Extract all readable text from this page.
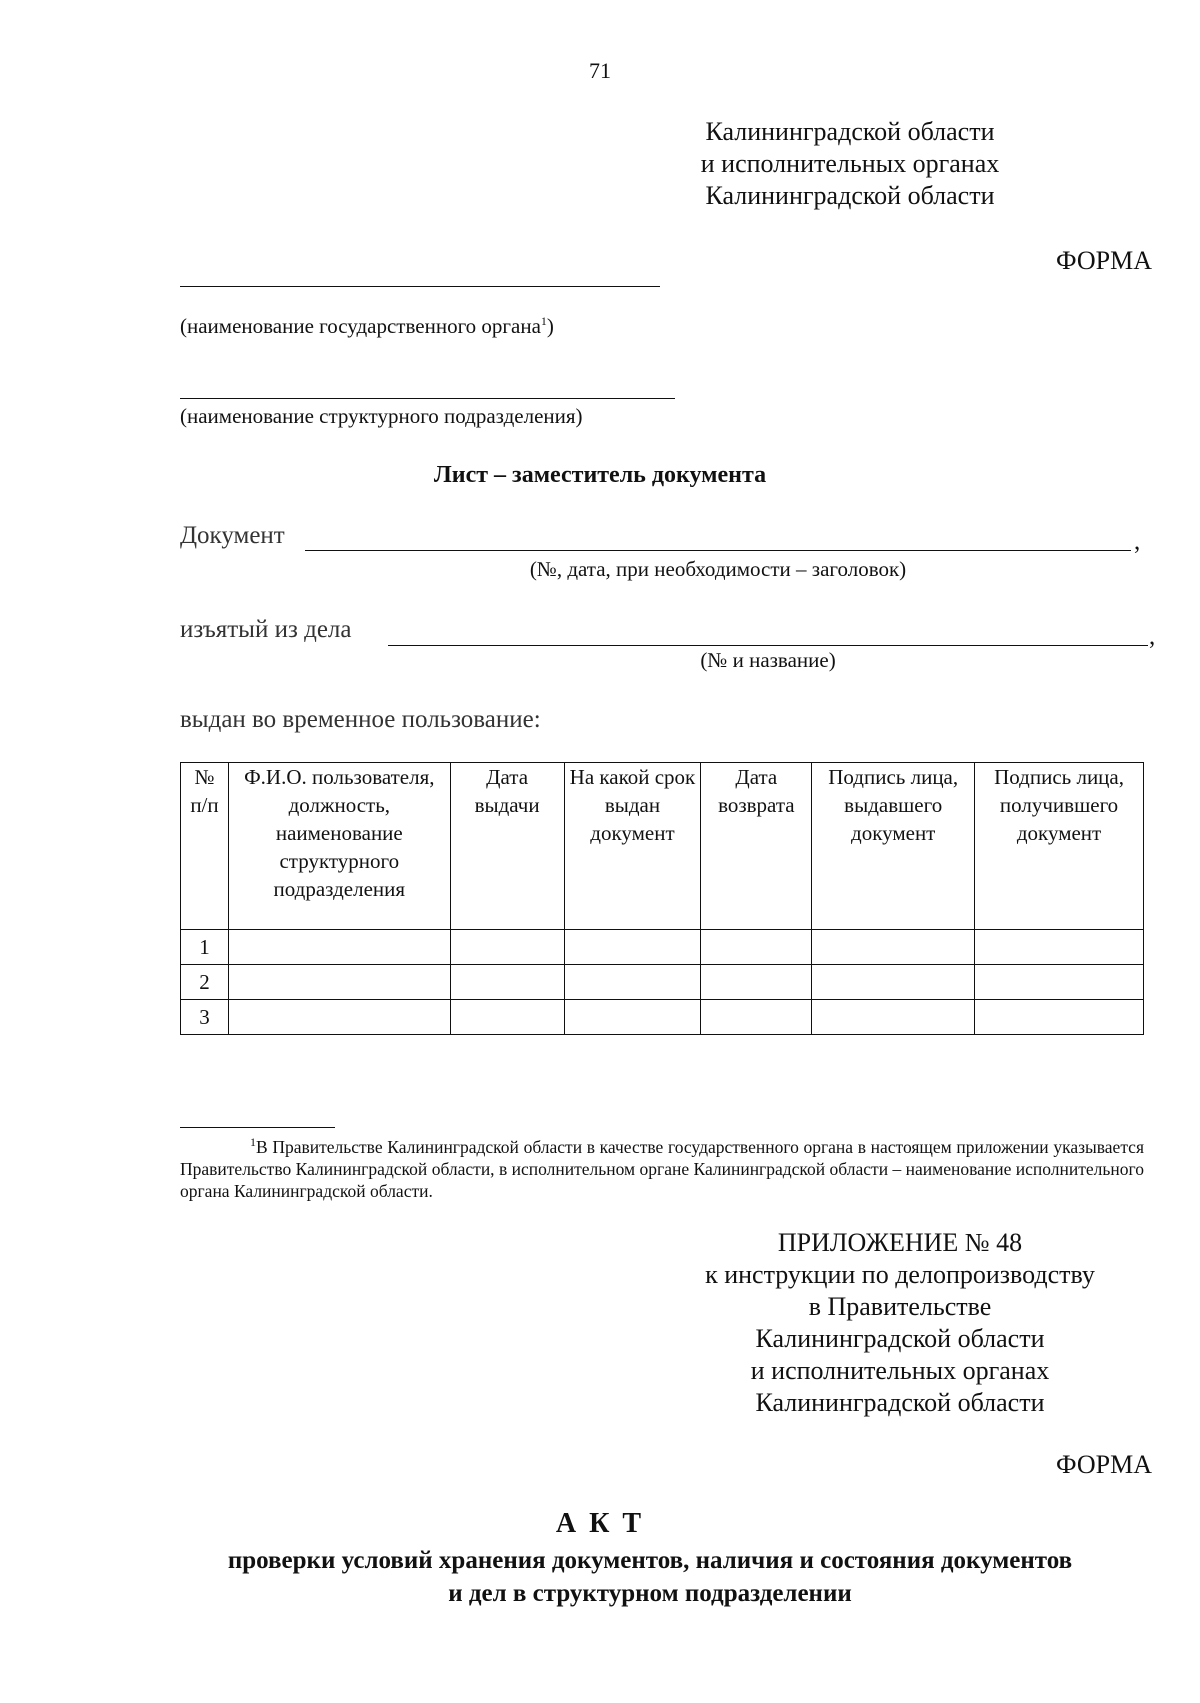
71
Калининградской области
и исполнительных органах
Калининградской области
ФОРМА
(наименование государственного органа$^1$)
(наименование структурного подразделения)
Лист – заместитель документа
Документ	,
(№, дата, при необходимости – заголовок)
изъятый из дела	,
(№ и название)
выдан во временное пользование:
№ п/п	Ф.И.О. пользователя, должность, наименование структурного подразделения	Дата выдачи	На какой срок выдан документ	Дата возврата	Подпись лица, выдавшего документ	Подпись лица, получившего документ
1						
2						
3						
$^1$В Правительстве Калининградской области в качестве государственного органа в настоящем приложении указывается Правительство Калининградской области, в исполнительном органе Калининградской области – наименование исполнительного органа Калининградской области.
ПРИЛОЖЕНИЕ № 48
к инструкции по делопроизводству
в Правительстве
Калининградской области
и исполнительных органах
Калининградской области
ФОРМА
А К Т
проверки условий хранения документов, наличия и состояния документов
и дел в структурном подразделении
